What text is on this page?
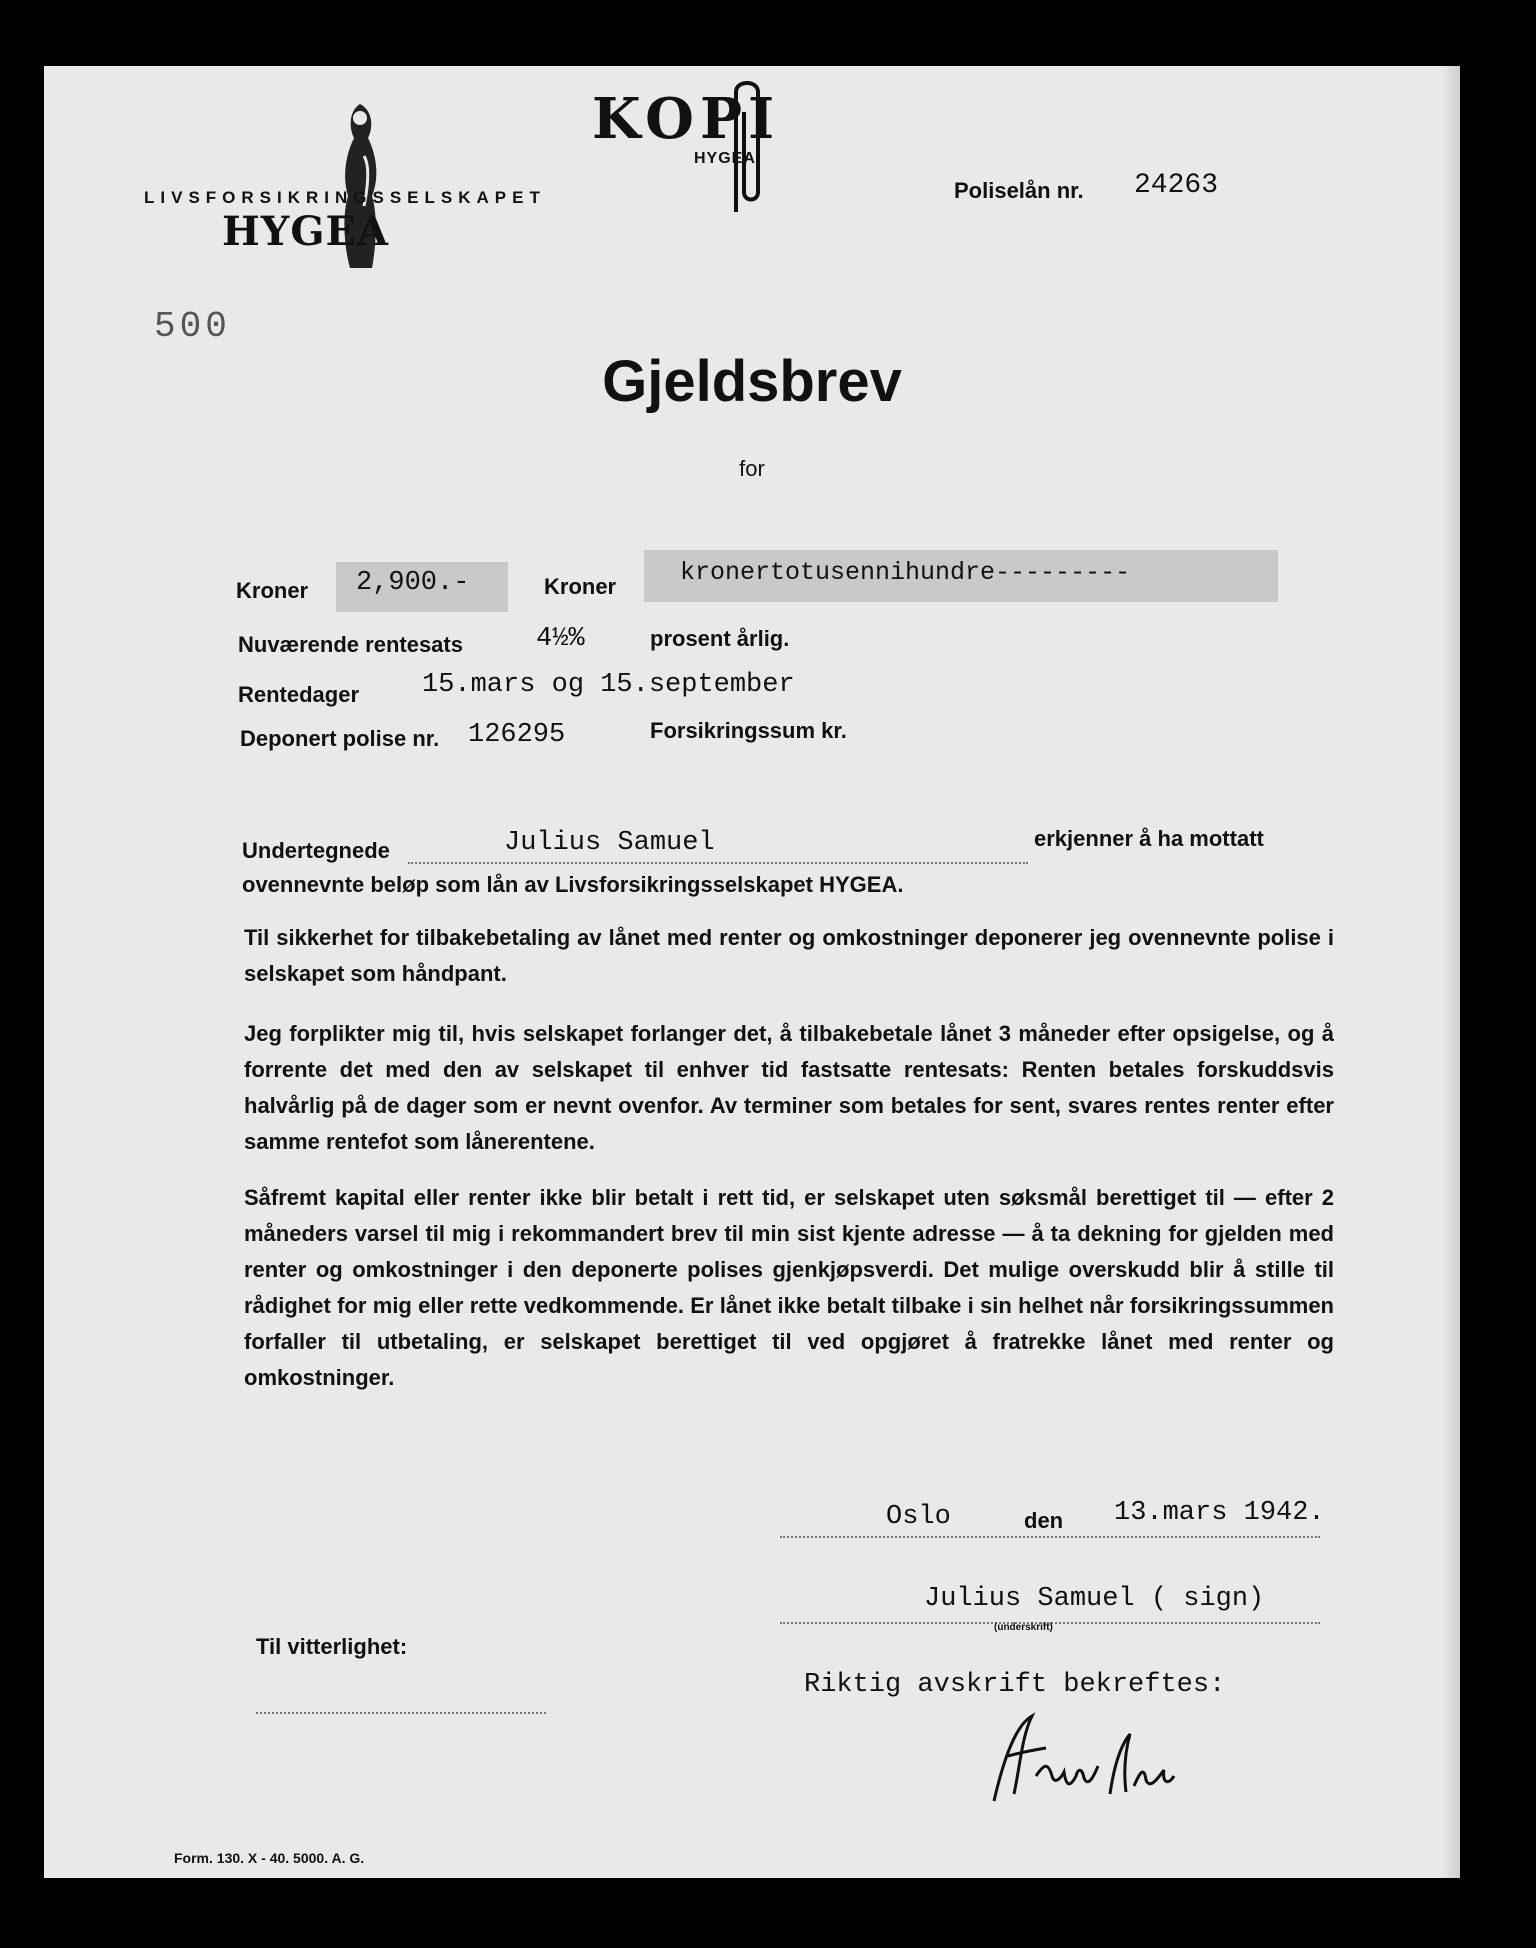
LIVSFORSIKRINGSSELSKAPET
HYGEA
KOPI
HYGEA
Poliselån nr. 24263
500
Gjeldsbrev
for
Kroner 2,900.-	Kroner	kronertotusennihundre---------
Nuværende rentesats	4½%	prosent årlig.
Rentedager 15.mars og 15.september
Deponert polise nr. 126295	Forsikringssum kr.
Undertegnede	Julius Samuel	erkjenner å ha mottatt
ovennevnte beløp som lån av Livsforsikringsselskapet HYGEA.
Til sikkerhet for tilbakebetaling av lånet med renter og omkostninger deponerer jeg ovennevnte polise i selskapet som håndpant.
Jeg forplikter mig til, hvis selskapet forlanger det, å tilbakebetale lånet 3 måneder efter opsigelse, og å forrente det med den av selskapet til enhver tid fastsatte rentesats: Renten betales forskuddsvis halvårlig på de dager som er nevnt ovenfor. Av terminer som betales for sent, svares rentes renter efter samme rentefot som lånerentene.
Såfremt kapital eller renter ikke blir betalt i rett tid, er selskapet uten søksmål berettiget til — efter 2 måneders varsel til mig i rekommandert brev til min sist kjente adresse — å ta dekning for gjelden med renter og omkostninger i den deponerte polises gjenkjøpsverdi. Det mulige overskudd blir å stille til rådighet for mig eller rette vedkommende. Er lånet ikke betalt tilbake i sin helhet når forsikringssummen forfaller til utbetaling, er selskapet berettiget til ved opgjøret å fratrekke lånet med renter og omkostninger.
Oslo	den 13.mars 1942.
Julius Samuel ( sign)
(underskrift)
Til vitterlighet:
Riktig avskrift bekreftes:
Form. 130. X - 40. 5000. A. G.
